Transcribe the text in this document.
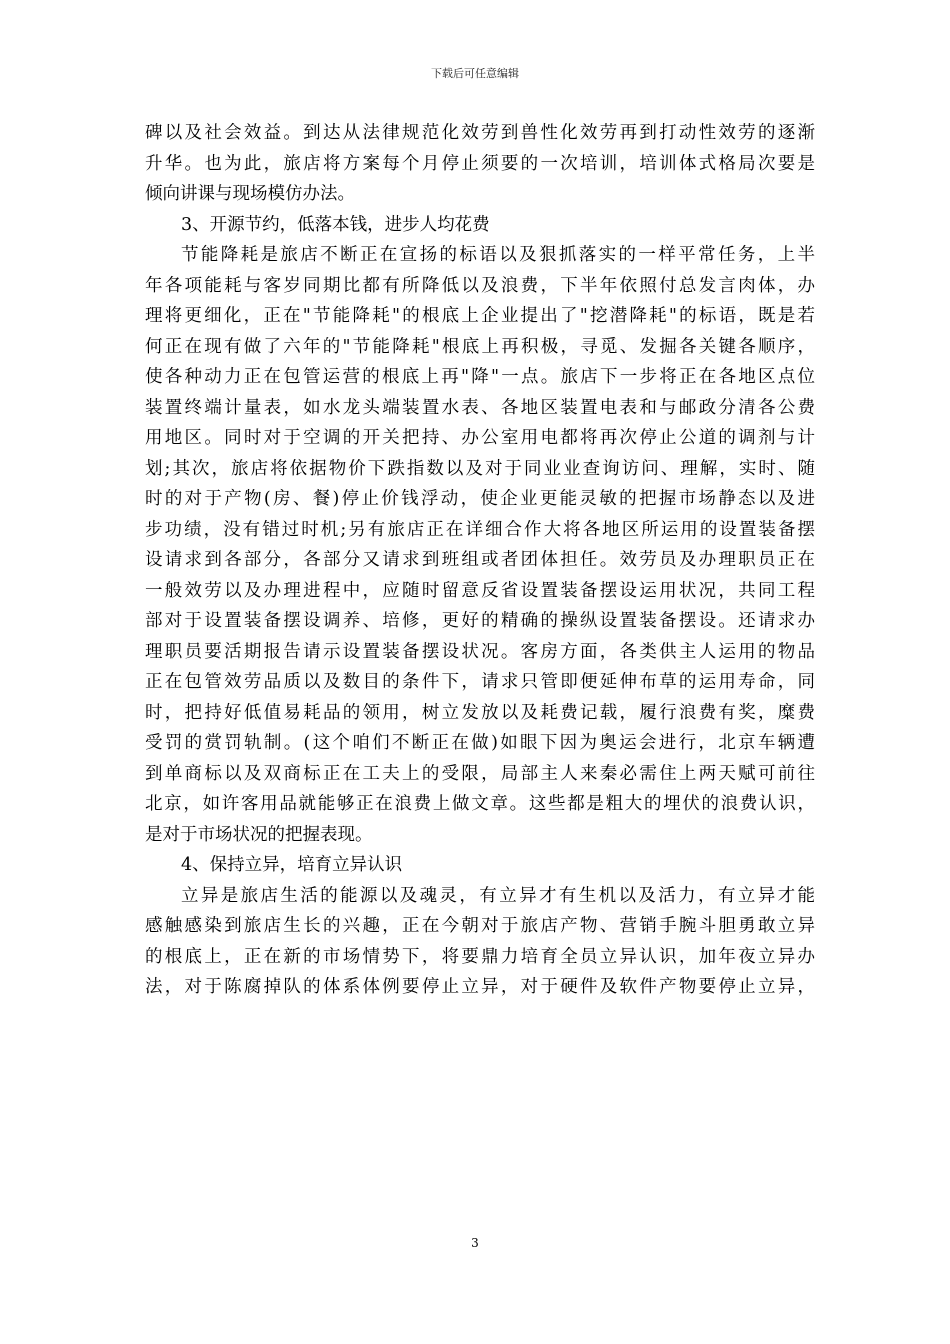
下载后可任意编辑
碑以及社会效益。到达从法律规范化效劳到兽性化效劳再到打动性效劳的逐渐
升华。也为此，旅店将方案每个月停止须要的一次培训，培训体式格局次要是
倾向讲课与现场模仿办法。
3、开源节约，低落本钱，进步人均花费
节能降耗是旅店不断正在宣扬的标语以及狠抓落实的一样平常任务，上半
年各项能耗与客岁同期比都有所降低以及浪费，下半年依照付总发言肉体，办
理将更细化，正在"节能降耗"的根底上企业提出了"挖潜降耗"的标语，既是若
何正在现有做了六年的"节能降耗"根底上再积极，寻觅、发掘各关键各顺序，
使各种动力正在包管运营的根底上再"降"一点。旅店下一步将正在各地区点位
装置终端计量表，如水龙头端装置水表、各地区装置电表和与邮政分清各公费
用地区。同时对于空调的开关把持、办公室用电都将再次停止公道的调剂与计
划;其次，旅店将依据物价下跌指数以及对于同业业查询访问、理解，实时、随
时的对于产物(房、餐)停止价钱浮动，使企业更能灵敏的把握市场静态以及进
步功绩，没有错过时机;另有旅店正在详细合作大将各地区所运用的设置装备摆
设请求到各部分，各部分又请求到班组或者团体担任。效劳员及办理职员正在
一般效劳以及办理进程中，应随时留意反省设置装备摆设运用状况，共同工程
部对于设置装备摆设调养、培修，更好的精确的操纵设置装备摆设。还请求办
理职员要活期报告请示设置装备摆设状况。客房方面，各类供主人运用的物品
正在包管效劳品质以及数目的条件下，请求只管即便延伸布草的运用寿命，同
时，把持好低值易耗品的领用，树立发放以及耗费记载，履行浪费有奖，糜费
受罚的赏罚轨制。(这个咱们不断正在做)如眼下因为奥运会进行，北京车辆遭
到单商标以及双商标正在工夫上的受限，局部主人来秦必需住上两天赋可前往
北京，如许客用品就能够正在浪费上做文章。这些都是粗大的埋伏的浪费认识，
是对于市场状况的把握表现。
4、保持立异，培育立异认识
立异是旅店生活的能源以及魂灵，有立异才有生机以及活力，有立异才能
感触感染到旅店生长的兴趣，正在今朝对于旅店产物、营销手腕斗胆勇敢立异
的根底上，正在新的市场情势下，将要鼎力培育全员立异认识，加年夜立异办
法，对于陈腐掉队的体系体例要停止立异，对于硬件及软件产物要停止立异，
3
